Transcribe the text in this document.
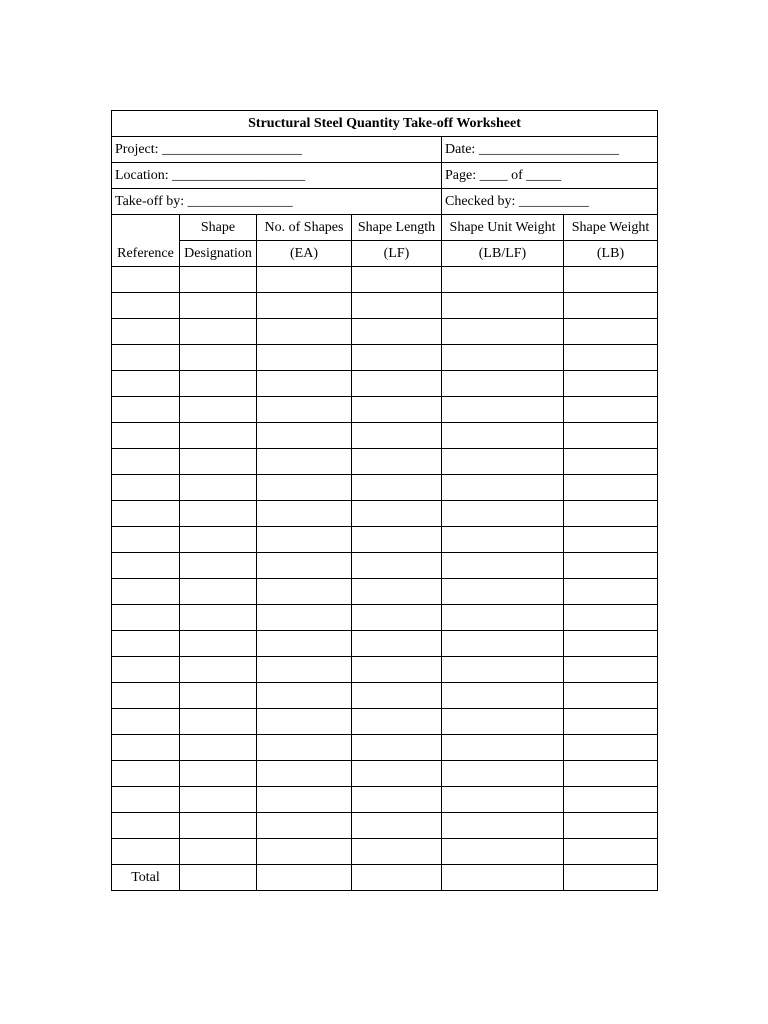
Structural Steel Quantity Take-off Worksheet					
Project: ____________________				Date: ____________________	
Location: ___________________				Page: ____ of _____	
Take-off by: _______________				Checked by: __________	
	Shape	No. of Shapes	Shape Length	Shape Unit Weight	Shape Weight
Reference	Designation	(EA)	(LF)	(LB/LF)	(LB)

Total					
